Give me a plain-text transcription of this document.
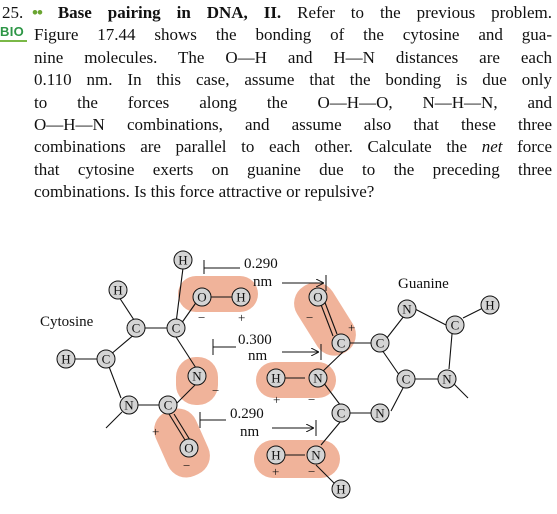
25. •• Base pairing in DNA, II. Refer to the previous problem.
Figure 17.44 shows the bonding of the cytosine and gua-
nine molecules. The O—H and H—N distances are each
0.110 nm. In this case, assume that the bonding is due only
to the forces along the O—H—O, N—H—N, and
O—H—N combinations, and assume also that these three
combinations are parallel to each other. Calculate the net force
that cytosine exerts on guanine due to the preceding three
combinations. Is this force attractive or repulsive?
BIO
Cytosine
Guanine
0.290
nm
0.300
nm
0.290
nm
−	+	−
+
−
+ −
+
−	+ −
H
H
C C
O H
H C
N
N C
O
O
C C
N
C
H
C N
H	N
C N
H N
H
